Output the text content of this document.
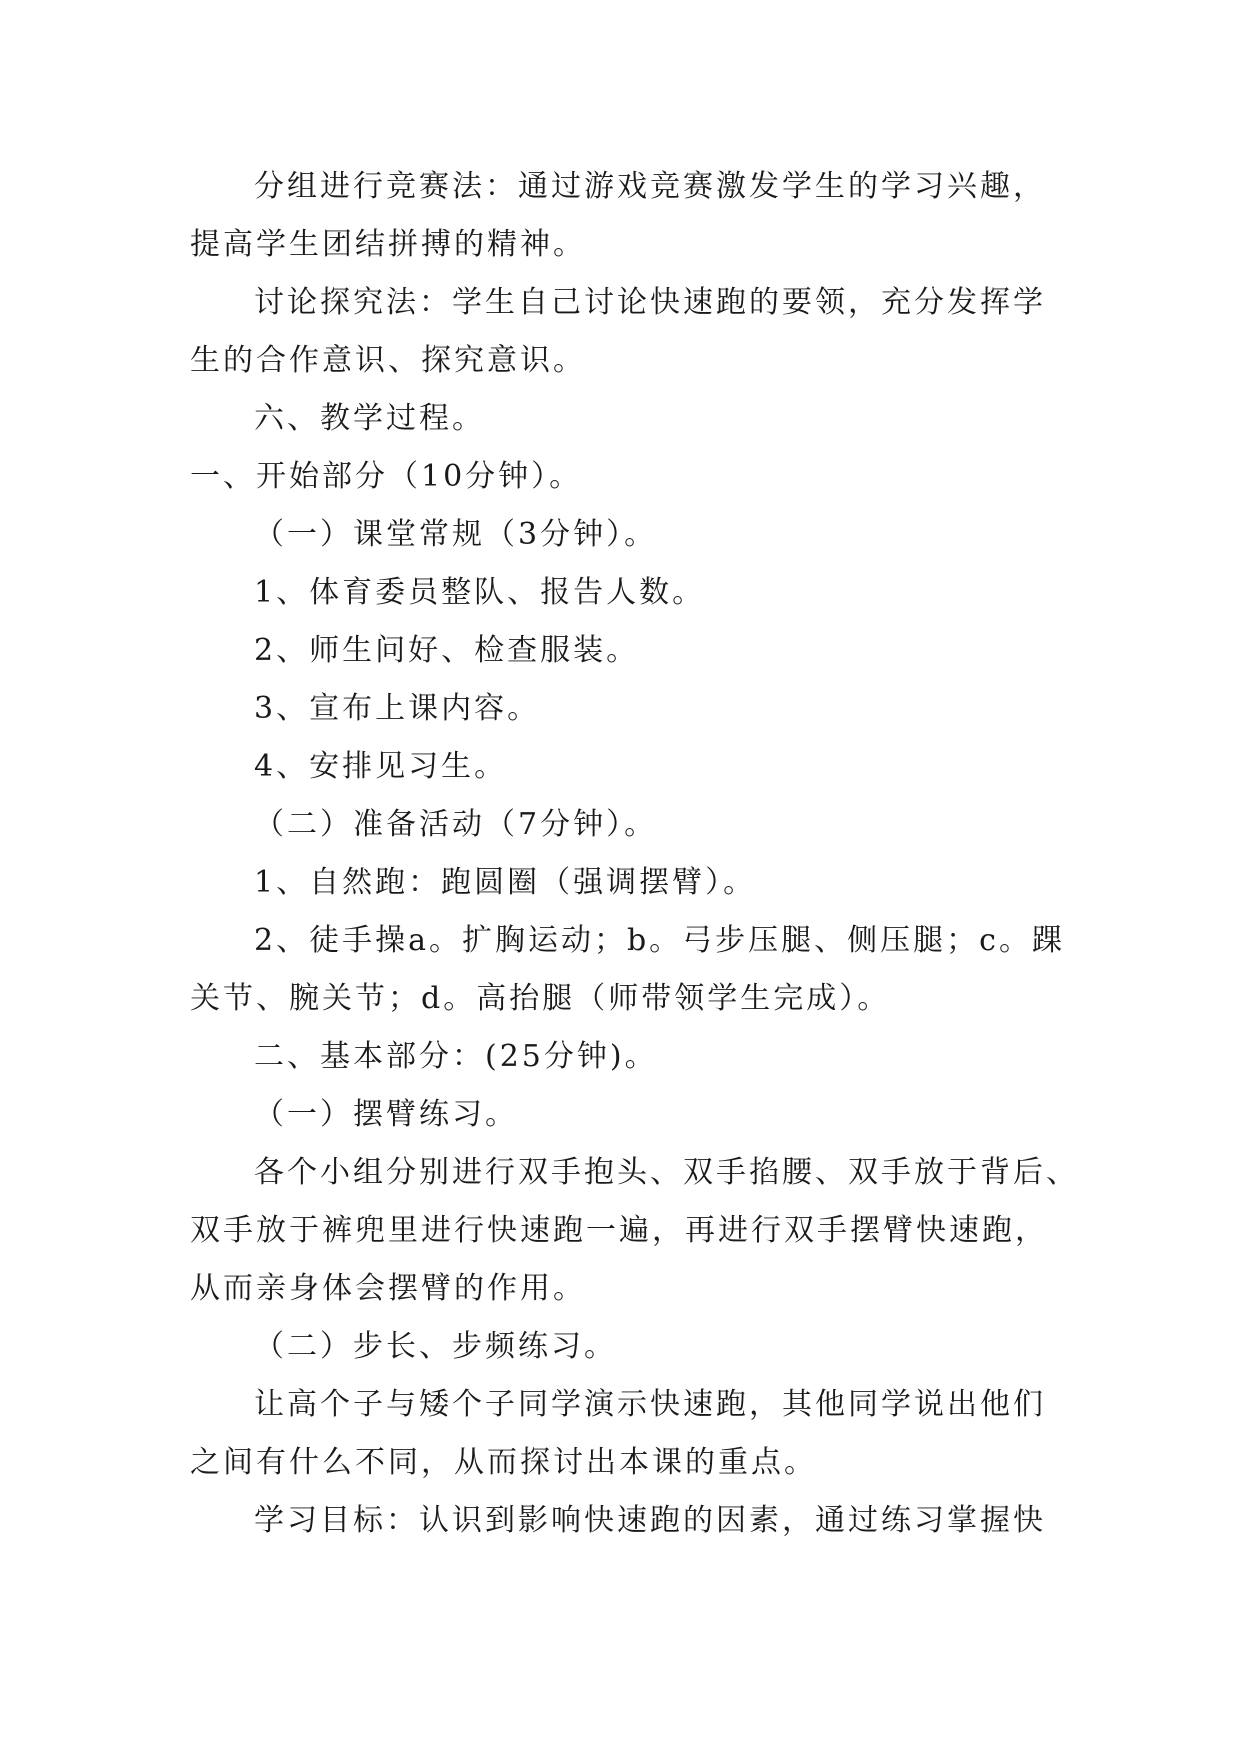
分组进行竞赛法：通过游戏竞赛激发学生的学习兴趣，
提高学生团结拼搏的精神。
讨论探究法：学生自己讨论快速跑的要领，充分发挥学
生的合作意识、探究意识。
六、教学过程。
一、开始部分（10分钟）。
（一）课堂常规（3分钟）。
1、体育委员整队、报告人数。
2、师生问好、检查服装。
3、宣布上课内容。
4、安排见习生。
（二）准备活动（7分钟）。
1、自然跑：跑圆圈（强调摆臂）。
2、徒手操a。扩胸运动；b。弓步压腿、侧压腿；c。踝
关节、腕关节；d。高抬腿（师带领学生完成）。
二、基本部分：(25分钟)。
（一）摆臂练习。
各个小组分别进行双手抱头、双手掐腰、双手放于背后、
双手放于裤兜里进行快速跑一遍，再进行双手摆臂快速跑，
从而亲身体会摆臂的作用。
（二）步长、步频练习。
让高个子与矮个子同学演示快速跑，其他同学说出他们
之间有什么不同，从而探讨出本课的重点。
学习目标：认识到影响快速跑的因素，通过练习掌握快
